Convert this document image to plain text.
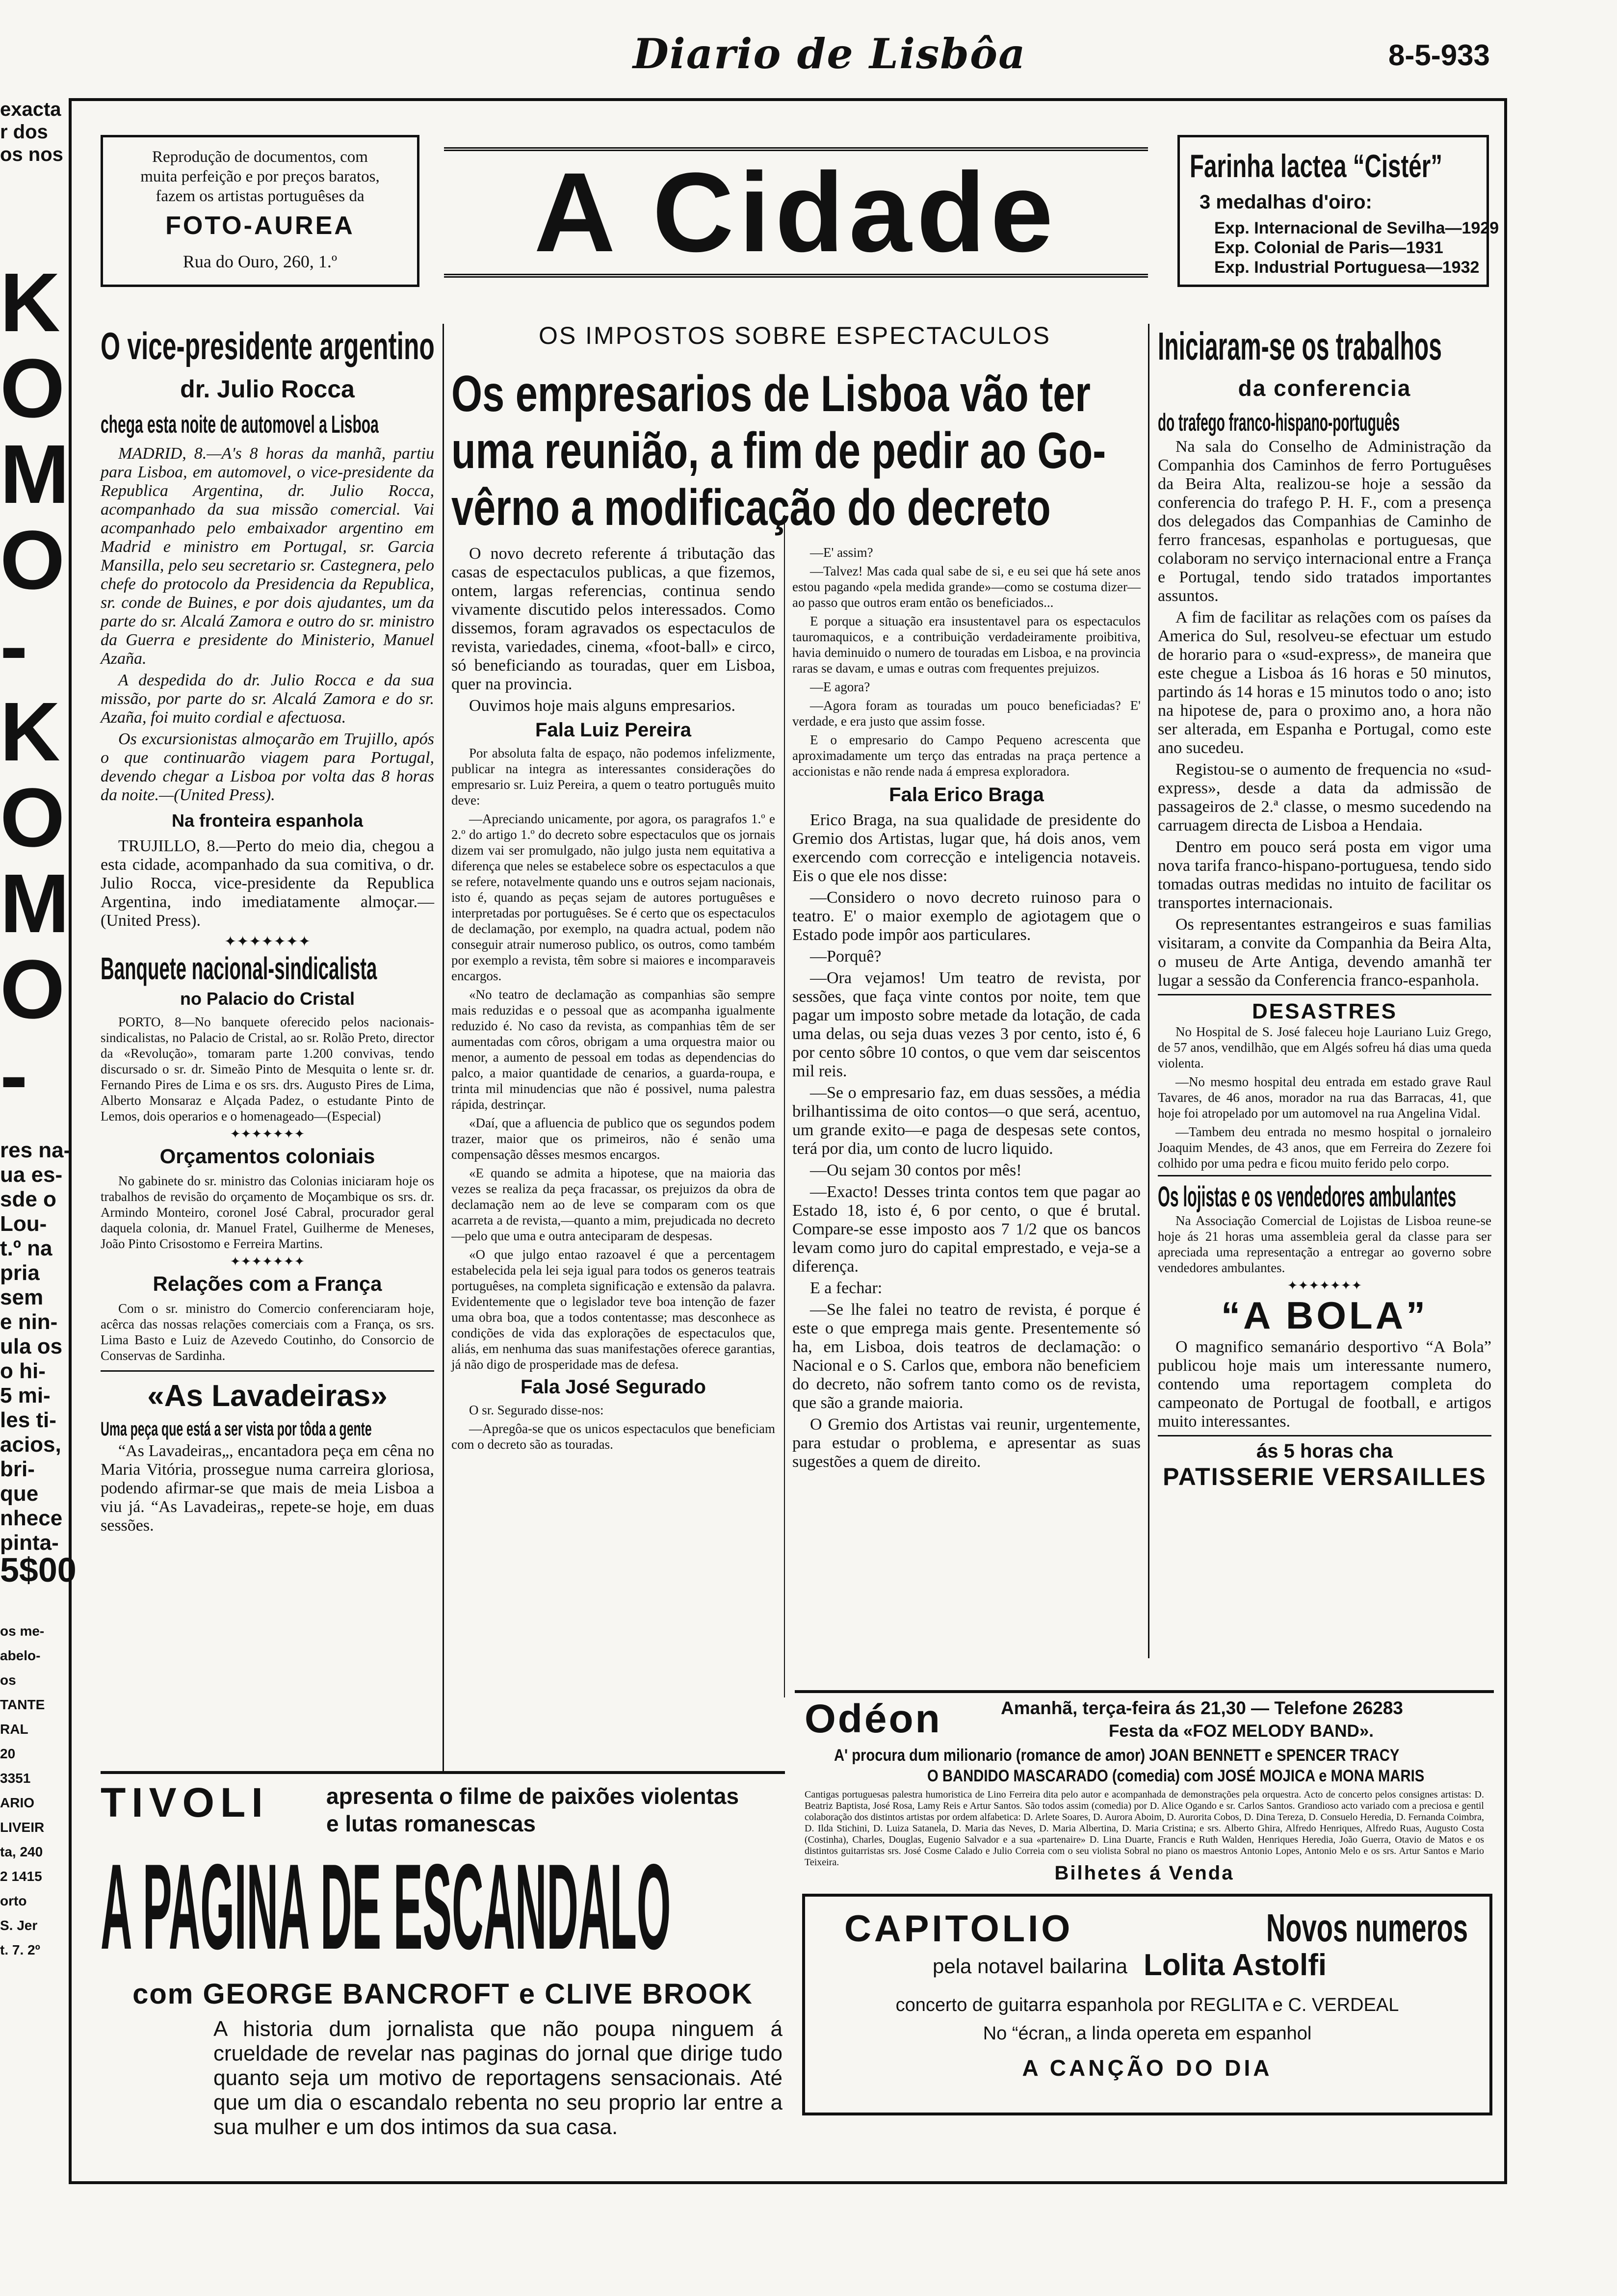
exacta
r dos
os nos
K
O
M
O
-
K
O
M
O
-
res na-
ua es-
sde o
Lou-
t.º na
pria
sem
e nin-
ula os
o hi-
5 mi-
les ti-
acios,
bri-
que
nhece
pinta-
5$00
os me-
abelo-
os
TANTE
RAL
20
3351
ARIO
LIVEIR
ta, 240
2 1415
orto
S. Jer
t. 7. 2º
Diario de Lisbôa	8-5-933
Reprodução de documentos, com
muita perfeição e por preços baratos,
fazem os artistas portuguêses da
FOTO-AUREA
Rua do Ouro, 260, 1.º	A Cidade	Farinha lactea “Cistér”
3 medalhas d'oiro:
Exp. Internacional de Sevilha—1929
Exp. Colonial de Paris—1931
Exp. Industrial Portuguesa—1932
O vice-presidente argentino
dr. Julio Rocca
chega esta noite de automovel a Lisboa

MADRID, 8.—A's 8 horas da manhã, partiu para Lisboa, em automovel, o vice-presidente da Republica Argentina, dr. Julio Rocca, acompanhado da sua missão comercial. Vai acompanhado pelo embaixador argentino em Madrid e ministro em Portugal, sr. Garcia Mansilla, pelo seu secretario sr. Castegnera, pelo chefe do protocolo da Presidencia da Republica, sr. conde de Buines, e por dois ajudantes, um da parte do sr. Alcalá Zamora e outro do sr. ministro da Guerra e presidente do Ministerio, Manuel Azaña.

A despedida do dr. Julio Rocca e da sua missão, por parte do sr. Alcalá Zamora e do sr. Azaña, foi muito cordial e afectuosa.

Os excursionistas almoçarão em Trujillo, após o que continuarão viagem para Portugal, devendo chegar a Lisboa por volta das 8 horas da noite.—(United Press).

Na fronteira espanhola

TRUJILLO, 8.—Perto do meio dia, chegou a esta cidade, acompanhado da sua comitiva, o dr. Julio Rocca, vice-presidente da Republica Argentina, indo imediatamente almoçar.—(United Press).

✦✦✦✦✦✦✦
Banquete nacional-sindicalista
no Palacio do Cristal

PORTO, 8—No banquete oferecido pelos nacionais-sindicalistas, no Palacio de Cristal, ao sr. Rolão Preto, director da «Revolução», tomaram parte 1.200 convivas, tendo discursado o sr. dr. Simeão Pinto de Mesquita o lente sr. dr. Fernando Pires de Lima e os srs. drs. Augusto Pires de Lima, Alberto Monsaraz e Alçada Padez, o estudante Pinto de Lemos, dois operarios e o homenageado—(Especial)

✦✦✦✦✦✦✦
Orçamentos coloniais

No gabinete do sr. ministro das Colonias iniciaram hoje os trabalhos de revisão do orçamento de Moçambique os srs. dr. Armindo Monteiro, coronel José Cabral, procurador geral daquela colonia, dr. Manuel Fratel, Guilherme de Meneses, João Pinto Crisostomo e Ferreira Martins.

✦✦✦✦✦✦✦
Relações com a França

Com o sr. ministro do Comercio conferenciaram hoje, acêrca das nossas relações comerciais com a França, os srs. Lima Basto e Luiz de Azevedo Coutinho, do Consorcio de Conservas de Sardinha.

«As Lavadeiras»
Uma peça que está a ser vista por tôda a gente

“As Lavadeiras„, encantadora peça em cêna no Maria Vitória, prossegue numa carreira gloriosa, podendo afirmar-se que mais de meia Lisboa a viu já. “As Lavadeiras„ repete-se hoje, em duas sessões.

OS IMPOSTOS SOBRE ESPECTACULOS
Os empresarios de Lisboa vão ter
uma reunião, a fim de pedir ao Go-
vêrno a modificação do decreto

O novo decreto referente á tributação das casas de espectaculos publicas, a que fizemos, ontem, largas referencias, continua sendo vivamente discutido pelos interessados. Como dissemos, foram agravados os espectaculos de revista, variedades, cinema, «foot-ball» e circo, só beneficiando as touradas, quer em Lisboa, quer na provincia.

Ouvimos hoje mais alguns empresarios.

Fala Luiz Pereira

Por absoluta falta de espaço, não podemos infelizmente, publicar na integra as interessantes considerações do empresario sr. Luiz Pereira, a quem o teatro português muito deve:

—Apreciando unicamente, por agora, os paragrafos 1.º e 2.º do artigo 1.º do decreto sobre espectaculos que os jornais dizem vai ser promulgado, não julgo justa nem equitativa a diferença que neles se estabelece sobre os espectaculos a que se refere, notavelmente quando uns e outros sejam nacionais, isto é, quando as peças sejam de autores portuguêses e interpretadas por portuguêses. Se é certo que os espectaculos de declamação, por exemplo, na quadra actual, podem não conseguir atrair numeroso publico, os outros, como também por exemplo a revista, têm sobre si maiores e incomparaveis encargos.

«No teatro de declamação as companhias são sempre mais reduzidas e o pessoal que as acompanha igualmente reduzido é. No caso da revista, as companhias têm de ser aumentadas com côros, obrigam a uma orquestra maior ou menor, a aumento de pessoal em todas as dependencias do palco, a maior quantidade de cenarios, a guarda-roupa, e trinta mil minudencias que não é possivel, numa palestra rápida, destrinçar.

«Daí, que a afluencia de publico que os segundos podem trazer, maior que os primeiros, não é senão uma compensação dêsses mesmos encargos.

«E quando se admita a hipotese, que na maioria das vezes se realiza da peça fracassar, os prejuizos da obra de declamação nem ao de leve se comparam com os que acarreta a de revista,—quanto a mim, prejudicada no decreto—pelo que uma e outra anteciparam de despesas.

«O que julgo entao razoavel é que a percentagem estabelecida pela lei seja igual para todos os generos teatrais portuguêses, na completa significação e extensão da palavra. Evidentemente que o legislador teve boa intenção de fazer uma obra boa, que a todos contentasse; mas desconhece as condições de vida das explorações de espectaculos que, aliás, em nenhuma das suas manifestações oferece garantias, já não digo de prosperidade mas de defesa.

Fala José Segurado

O sr. Segurado disse-nos:

—Apregôa-se que os unicos espectaculos que beneficiam com o decreto são as touradas.

—E' assim?

—Talvez! Mas cada qual sabe de si, e eu sei que há sete anos estou pagando «pela medida grande»—como se costuma dizer—ao passo que outros eram então os beneficiados...

E porque a situação era insustentavel para os espectaculos tauromaquicos, e a contribuição verdadeiramente proibitiva, havia deminuido o numero de touradas em Lisboa, e na provincia raras se davam, e umas e outras com frequentes prejuizos.

—E agora?

—Agora foram as touradas um pouco beneficiadas? E' verdade, e era justo que assim fosse.

E o empresario do Campo Pequeno acrescenta que aproximadamente um terço das entradas na praça pertence a accionistas e não rende nada á empresa exploradora.

Fala Erico Braga

Erico Braga, na sua qualidade de presidente do Gremio dos Artistas, lugar que, há dois anos, vem exercendo com correcção e inteligencia notaveis. Eis o que ele nos disse:

—Considero o novo decreto ruinoso para o teatro. E' o maior exemplo de agiotagem que o Estado pode impôr aos particulares.

—Porquê?

—Ora vejamos! Um teatro de revista, por sessões, que faça vinte contos por noite, tem que pagar um imposto sobre metade da lotação, de cada uma delas, ou seja duas vezes 3 por cento, isto é, 6 por cento sôbre 10 contos, o que vem dar seiscentos mil reis.

—Se o empresario faz, em duas sessões, a média brilhantissima de oito contos—o que será, acentuo, um grande exito—e paga de despesas sete contos, terá por dia, um conto de lucro liquido.

—Ou sejam 30 contos por mês!

—Exacto! Desses trinta contos tem que pagar ao Estado 18, isto é, 6 por cento, o que é brutal. Compare-se esse imposto aos 7 1/2 que os bancos levam como juro do capital emprestado, e veja-se a diferença.

E a fechar:

—Se lhe falei no teatro de revista, é porque é este o que emprega mais gente. Presentemente só ha, em Lisboa, dois teatros de declamação: o Nacional e o S. Carlos que, embora não beneficiem do decreto, não sofrem tanto como os de revista, que são a grande maioria.

O Gremio dos Artistas vai reunir, urgentemente, para estudar o problema, e apresentar as suas sugestões a quem de direito.

Iniciaram-se os trabalhos
da conferencia
do trafego franco-hispano-português

Na sala do Conselho de Administração da Companhia dos Caminhos de ferro Portuguêses da Beira Alta, realizou-se hoje a sessão da conferencia do trafego P. H. F., com a presença dos delegados das Companhias de Caminho de ferro francesas, espanholas e portuguesas, que colaboram no serviço internacional entre a França e Portugal, tendo sido tratados importantes assuntos.

A fim de facilitar as relações com os países da America do Sul, resolveu-se efectuar um estudo de horario para o «sud-express», de maneira que este chegue a Lisboa ás 16 horas e 50 minutos, partindo ás 14 horas e 15 minutos todo o ano; isto na hipotese de, para o proximo ano, a hora não ser alterada, em Espanha e Portugal, como este ano sucedeu.

Registou-se o aumento de frequencia no «sud-express», desde a data da admissão de passageiros de 2.ª classe, o mesmo sucedendo na carruagem directa de Lisboa a Hendaia.

Dentro em pouco será posta em vigor uma nova tarifa franco-hispano-portuguesa, tendo sido tomadas outras medidas no intuito de facilitar os transportes internacionais.

Os representantes estrangeiros e suas familias visitaram, a convite da Companhia da Beira Alta, o museu de Arte Antiga, devendo amanhã ter lugar a sessão da Conferencia franco-espanhola.

DESASTRES

No Hospital de S. José faleceu hoje Lauriano Luiz Grego, de 57 anos, vendilhão, que em Algés sofreu há dias uma queda violenta.

—No mesmo hospital deu entrada em estado grave Raul Tavares, de 46 anos, morador na rua das Barracas, 41, que hoje foi atropelado por um automovel na rua Angelina Vidal.

—Tambem deu entrada no mesmo hospital o jornaleiro Joaquim Mendes, de 43 anos, que em Ferreira do Zezere foi colhido por uma pedra e ficou muito ferido pelo corpo.

Os lojistas e os vendedores ambulantes

Na Associação Comercial de Lojistas de Lisboa reune-se hoje ás 21 horas uma assembleia geral da classe para ser apreciada uma representação a entregar ao governo sobre vendedores ambulantes.

✦✦✦✦✦✦✦
“A BOLA”

O magnifico semanário desportivo “A Bola” publicou hoje mais um interessante numero, contendo uma reportagem completa do campeonato de Portugal de football, e artigos muito interessantes.

ás 5 horas cha
PATISSERIE VERSAILLES
Odéon	Amanhã, terça-feira ás 21,30 — Telefone 26283
Festa da «FOZ MELODY BAND».
A' procura dum milionario (romance de amor) JOAN BENNETT e SPENCER TRACY
O BANDIDO MASCARADO (comedia) com JOSÉ MOJICA e MONA MARIS
Cantigas portuguesas palestra humoristica de Lino Ferreira dita pelo autor e acompanhada de demonstrações pela orquestra. Acto de concerto pelos consignes artistas: D. Beatriz Baptista, José Rosa, Lamy Reis e Artur Santos. São todos assim (comedia) por D. Alice Ogando e sr. Carlos Santos. Grandioso acto variado com a preciosa e gentil colaboração dos distintos artistas por ordem alfabetica: D. Arlete Soares, D. Aurora Aboim, D. Aurorita Cobos, D. Dina Tereza, D. Consuelo Heredia, D. Fernanda Coimbra, D. Ilda Stichini, D. Luiza Satanela, D. Maria das Neves, D. Maria Albertina, D. Maria Cristina; e srs. Alberto Ghira, Alfredo Henriques, Alfredo Ruas, Augusto Costa (Costinha), Charles, Douglas, Eugenio Salvador e a sua «partenaire» D. Lina Duarte, Francis e Ruth Walden, Henriques Heredia, João Guerra, Otavio de Matos e os distintos guitarristas srs. José Cosme Calado e Julio Correia com o seu violista Sobral no piano os maestros Antonio Lopes, Antonio Melo e os srs. Artur Santos e Mario Teixeira.	Bilhetes á Venda
TIVOLI	apresenta o filme de paixões violentas
e lutas romanescas
A PAGINA DE ESCANDALO
com GEORGE BANCROFT e CLIVE BROOK
A historia dum jornalista que não poupa ninguem á crueldade de revelar nas paginas do jornal que dirige tudo quanto seja um motivo de reportagens sensacionais. Até que um dia o escandalo rebenta no seu proprio lar entre a sua mulher e um dos intimos da sua casa.
CAPITOLIO	Novos numeros
pela notavel bailarina Lolita Astolfi
concerto de guitarra espanhola por REGLITA e C. VERDEAL
No “écran„ a linda opereta em espanhol
A CANÇÃO DO DIA
